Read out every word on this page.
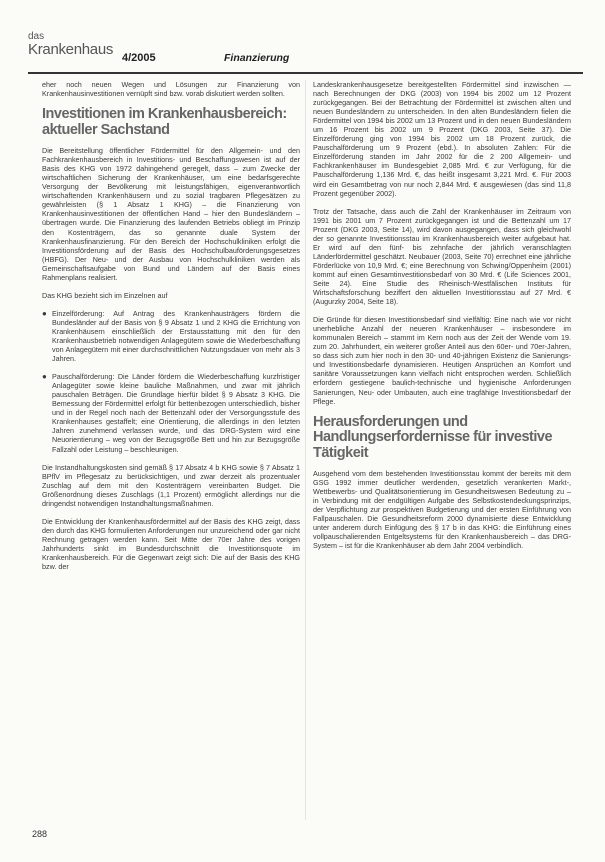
das
Krankenhaus 4/2005	Finanzierung

eher noch neuen Wegen und Lösungen zur Finanzierung von Krankenhausinvestitionen vernüpft sind bzw. vorab diskutiert werden sollten.

Investitionen im Krankenhausbereich: aktueller Sachstand

Die Bereitstellung öffentlicher Fördermittel für den Allgemein- und den Fachkrankenhausbereich in Investitions- und Beschaffungswesen ist auf der Basis des KHG von 1972 dahingehend geregelt, dass – zum Zwecke der wirtschaftlichen Sicherung der Krankenhäuser, um eine bedarfsgerechte Versorgung der Bevölkerung mit leistungsfähigen, eigenverantwortlich wirtschaftenden Krankenhäusern und zu sozial tragbaren Pflegesätzen zu gewährleisten (§ 1 Absatz 1 KHG) – die Finanzierung von Krankenhausinvestitionen der öffentlichen Hand – hier den Bundesländern – übertragen wurde. Die Finanzierung des laufenden Betriebs obliegt im Prinzip den Kostenträgern, das so genannte duale System der Krankenhausfinanzierung. Für den Bereich der Hochschulkliniken erfolgt die Investitionsförderung auf der Basis des Hochschulbauförderungsgesetzes (HBFG). Der Neu- und der Ausbau von Hochschulkliniken werden als Gemeinschaftsaufgabe von Bund und Ländern auf der Basis eines Rahmenplans realisiert.

Das KHG bezieht sich im Einzelnen auf

● Einzelförderung: Auf Antrag des Krankenhausträgers fördern die Bundesländer auf der Basis von § 9 Absatz 1 und 2 KHG die Errichtung von Krankenhäusern einschließlich der Erstausstattung mit den für den Krankenhausbetrieb notwendigen Anlagegütern sowie die Wiederbeschaffung von Anlagegütern mit einer durchschnittlichen Nutzungsdauer von mehr als 3 Jahren.
● Pauschalförderung: Die Länder fördern die Wiederbeschaffung kurzfristiger Anlagegüter sowie kleine bauliche Maßnahmen, und zwar mit jährlich pauschalen Beträgen. Die Grundlage hierfür bildet § 9 Absatz 3 KHG. Die Bemessung der Fördermittel erfolgt für bettenbezogen unterschiedlich, bisher und in der Regel noch nach der Bettenzahl oder der Versorgungsstufe des Krankenhauses gestaffelt; eine Orientierung, die allerdings in den letzten Jahren zunehmend verlassen wurde, und das DRG-System wird eine Neuorientierung – weg von der Bezugsgröße Bett und hin zur Bezugsgröße Fallzahl oder Leistung – beschleunigen.

Die Instandhaltungskosten sind gemäß § 17 Absatz 4 b KHG sowie § 7 Absatz 1 BPflV im Pflegesatz zu berücksichtigen, und zwar derzeit als prozentualer Zuschlag auf dem mit den Kostenträgern vereinbarten Budget. Die Größenordnung dieses Zuschlags (1,1 Prozent) ermöglicht allerdings nur die dringendst notwendigen Instandhaltungsmaßnahmen.

Die Entwicklung der Krankenhausfördermittel auf der Basis des KHG zeigt, dass den durch das KHG formulierten Anforderungen nur unzureichend oder gar nicht Rechnung getragen werden kann. Seit Mitte der 70er Jahre des vorigen Jahrhunderts sinkt im Bundesdurchschnitt die Investitionsquote im Krankenhausbereich. Für die Gegenwart zeigt sich: Die auf der Basis des KHG bzw. der

Landeskrankenhausgesetze bereitgestellten Fördermittel sind inzwischen — nach Berechnungen der DKG (2003) von 1994 bis 2002 um 12 Prozent zurückgegangen. Bei der Betrachtung der Fördermittel ist zwischen alten und neuen Bundesländern zu unterscheiden. In den alten Bundesländern fielen die Fördermittel von 1994 bis 2002 um 13 Prozent und in den neuen Bundesländern um 16 Prozent bis 2002 um 9 Prozent (DKG 2003, Seite 37). Die Einzelförderung ging von 1994 bis 2002 um 18 Prozent zurück, die Pauschalförderung um 9 Prozent (ebd.). In absoluten Zahlen: Für die Einzelförderung standen im Jahr 2002 für die 2 200 Allgemein- und Fachkrankenhäuser im Bundesgebiet 2,085 Mrd. € zur Verfügung, für die Pauschalförderung 1,136 Mrd. €, das heißt insgesamt 3,221 Mrd. €. Für 2003 wird ein Gesamtbetrag von nur noch 2,844 Mrd. € ausgewiesen (das sind 11,8 Prozent gegenüber 2002).

Trotz der Tatsache, dass auch die Zahl der Krankenhäuser im Zeitraum von 1991 bis 2001 um 7 Prozent zurückgegangen ist und die Bettenzahl um 17 Prozent (DKG 2003, Seite 14), wird davon ausgegangen, dass sich gleichwohl der so genannte Investitionsstau im Krankenhausbereich weiter aufgebaut hat. Er wird auf den fünf- bis zehnfache der jährlich veranschlagten Länderfördermittel geschätzt. Neubauer (2003, Seite 70) errechnet eine jährliche Förderlücke von 10,9 Mrd. €; eine Berechnung von Schwing/Oppenheim (2001) kommt auf einen Gesamtinvestitionsbedarf von 30 Mrd. € (Life Sciences 2001, Seite 24). Eine Studie des Rheinisch-Westfälischen Instituts für Wirtschaftsforschung beziffert den aktuellen Investitionsstau auf 27 Mrd. € (Augurzky 2004, Seite 18).

Die Gründe für diesen Investitionsbedarf sind vielfältig: Eine nach wie vor nicht unerhebliche Anzahl der neueren Krankenhäuser – insbesondere im kommunalen Bereich – stammt im Kern noch aus der Zeit der Wende vom 19. zum 20. Jahrhundert, ein weiterer großer Anteil aus den 60er- und 70er-Jahren, so dass sich zum hier noch in den 30- und 40-jährigen Existenz die Sanierungs- und Investitionsbedarfe dynamisieren. Heutigen Ansprüchen an Komfort und sanitäre Voraussetzungen kann vielfach nicht entsprochen werden. Schließlich erfordern gestiegene baulich-technische und hygienische Anforderungen Sanierungen, Neu- oder Umbauten, auch eine tragfähige Investitionsbedarf der Pflege.

Herausforderungen und Handlungserfordernisse für investive Tätigkeit

Ausgehend vom dem bestehenden Investitionsstau kommt der bereits mit dem GSG 1992 immer deutlicher werdenden, gesetzlich verankerten Markt-, Wettbewerbs- und Qualitätsorientierung im Gesundheitswesen Bedeutung zu – in Verbindung mit der endgültigen Aufgabe des Selbstkostendeckungsprinzips, der Verpflichtung zur prospektiven Budgetierung und der ersten Einführung von Fallpauschalen. Die Gesundheitsreform 2000 dynamisierte diese Entwicklung unter anderem durch Einfügung des § 17 b in das KHG: die Einführung eines vollpauschalierenden Entgeltsystems für den Krankenhausbereich – das DRG-System – ist für die Krankenhäuser ab dem Jahr 2004 verbindlich.

288
